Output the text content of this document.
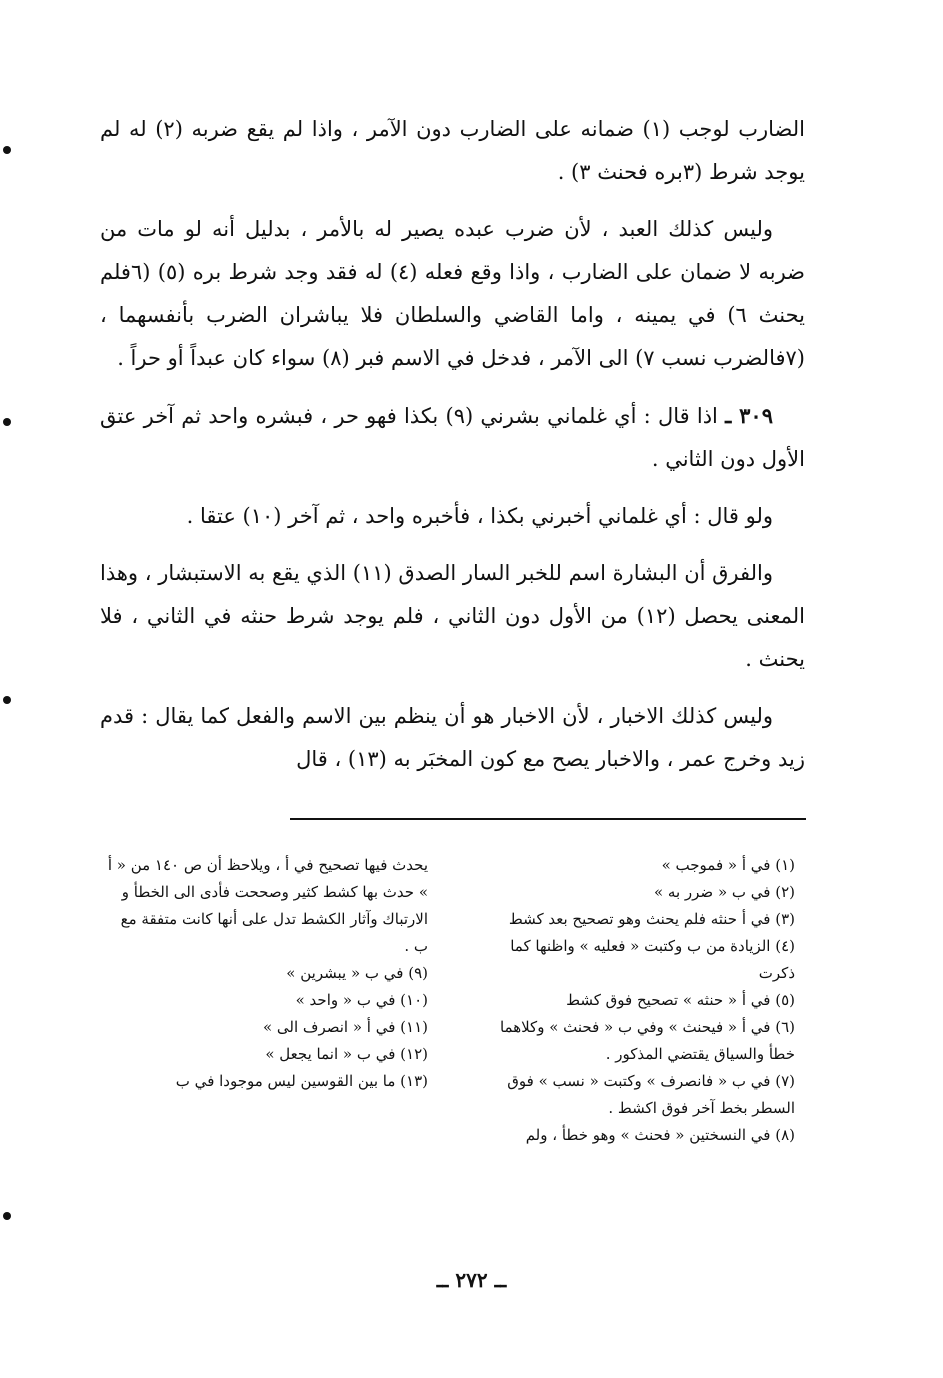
الضارب لوجب (١) ضمانه على الضارب دون الآمر ، واذا لم يقع ضربه (٢) له لم يوجد شرط (٣بره فحنث ٣) .

وليس كذلك العبد ، لأن ضرب عبده يصير له بالأمر ، بدليل أنه لو مات من ضربه لا ضمان على الضارب ، واذا وقع فعله (٤) له فقد وجد شرط بره (٥) (٦فلم يحنث ٦) في يمينه ، واما القاضي والسلطان فلا يباشران الضرب بأنفسهما ، (٧فالضرب نسب ٧) الى الآمر ، فدخل في الاسم فبر (٨) سواء كان عبداً أو حراً .

٣٠٩ ـ اذا قال : أي غلماني بشرني (٩) بكذا فهو حر ، فبشره واحد ثم آخر عتق الأول دون الثاني .

ولو قال : أي غلماني أخبرني بكذا ، فأخبره واحد ، ثم آخر (١٠) عتقا .

والفرق أن البشارة اسم للخبر السار الصدق (١١) الذي يقع به الاستبشار ، وهذا المعنى يحصل (١٢) من الأول دون الثاني ، فلم يوجد شرط حنثه في الثاني ، فلا يحنث .

وليس كذلك الاخبار ، لأن الاخبار هو أن ينظم بين الاسم والفعل كما يقال : قدم زيد وخرج عمر ، والاخبار يصح مع كون المخبَر به (١٣) ، قال

(١) في أ « فموجب »

(٢) في ب « ضرر به »

(٣) في أ حنثه فلم يحنث وهو تصحيح بعد كشط

(٤) الزيادة من ب وكتبت « فعليه » واظنها كما ذكرت

(٥) في أ « حنثه » تصحيح فوق كشط

(٦) في أ « فيحنث » وفي ب « فحنث » وكلاهما خطأ والسياق يقتضي المذكور .

(٧) في ب « فانصرف » وكتبت « نسب » فوق السطر بخط آخر فوق اكشط .

(٨) في النسختين « فحنث » وهو خطأ ، ولم

يحدث فيها تصحيح في أ ، ويلاحظ أن ص ١٤٠ من « أ » حدث بها كشط كثير وصححت فأدى الى الخطأ و الارتباك وآثار الكشط تدل على أنها كانت متفقة مع ب .

(٩) في ب « يبشرين »

(١٠) في ب « واحد »

(١١) في أ « انصرف الى »

(١٢) في ب « انما يجعل »

(١٣) ما بين القوسين ليس موجودا في ب

ــ ٢٧٢ ــ
